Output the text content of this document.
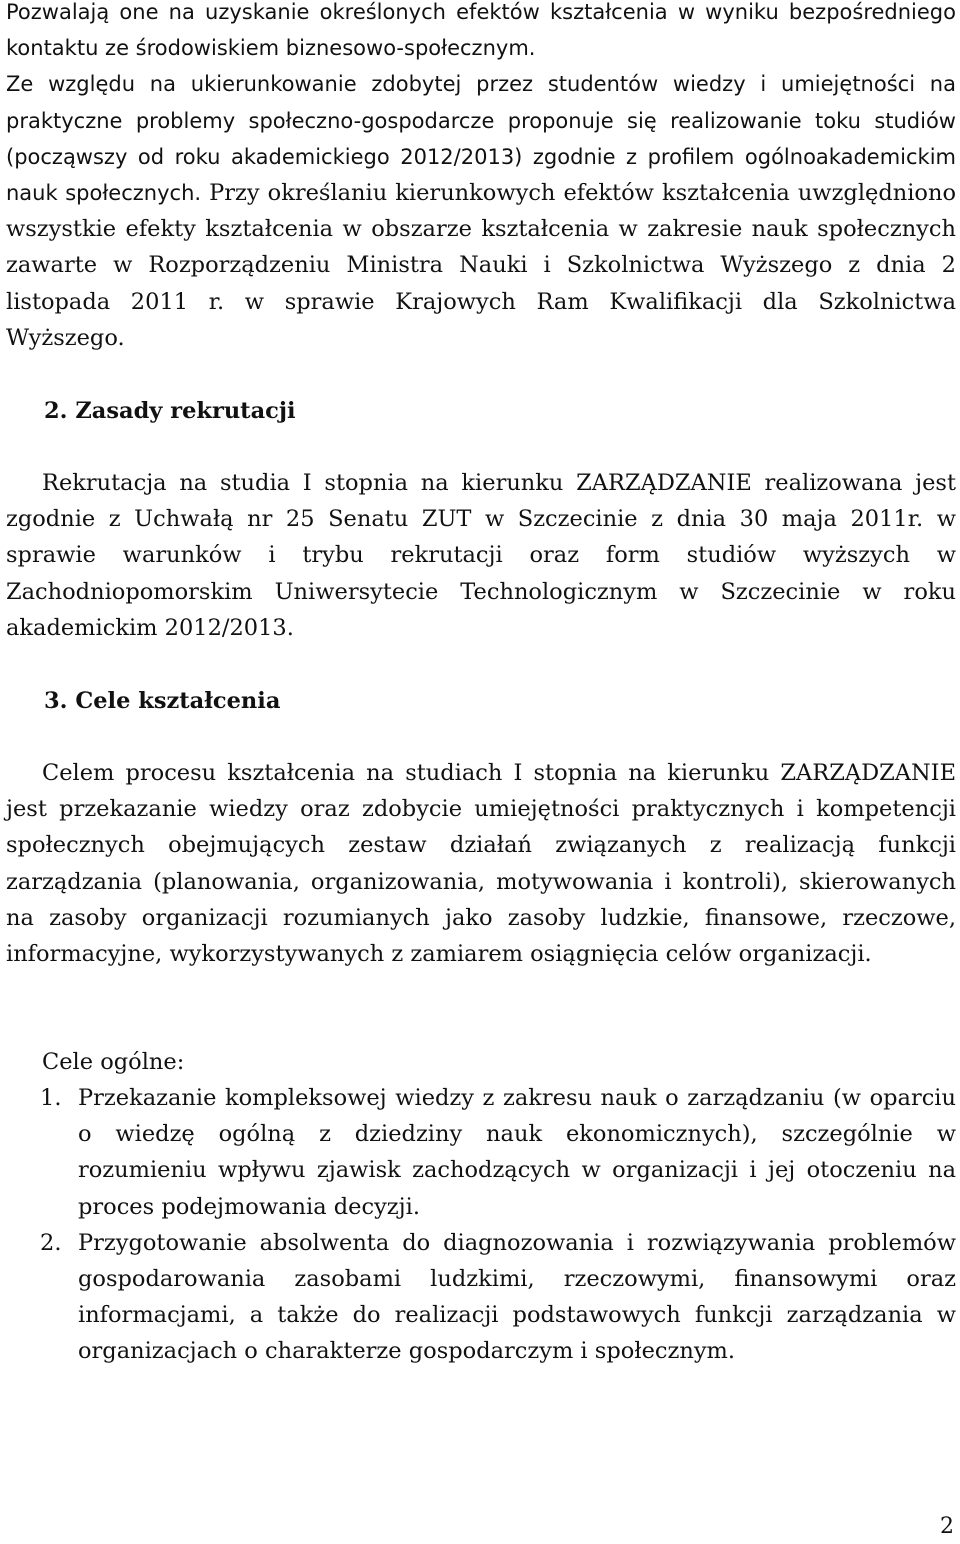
Pozwalają one na uzyskanie określonych efektów kształcenia w wyniku bezpośredniego kontaktu ze środowiskiem biznesowo-społecznym.
Ze względu na ukierunkowanie zdobytej przez studentów wiedzy i umiejętności na praktyczne problemy społeczno-gospodarcze proponuje się realizowanie toku studiów (począwszy od roku akademickiego 2012/2013) zgodnie z profilem ogólnoakademickim nauk społecznych. Przy określaniu kierunkowych efektów kształcenia uwzględniono wszystkie efekty kształcenia w obszarze kształcenia w zakresie nauk społecznych zawarte w Rozporządzeniu Ministra Nauki i Szkolnictwa Wyższego z dnia 2 listopada 2011 r. w sprawie Krajowych Ram Kwalifikacji dla Szkolnictwa Wyższego.
2. Zasady rekrutacji

Rekrutacja na studia I stopnia na kierunku ZARZĄDZANIE realizowana jest zgodnie z Uchwałą nr 25 Senatu ZUT w Szczecinie z dnia 30 maja 2011r. w sprawie warunków i trybu rekrutacji oraz form studiów wyższych w Zachodniopomorskim Uniwersytecie Technologicznym w Szczecinie w roku akademickim 2012/2013.

3. Cele kształcenia

Celem procesu kształcenia na studiach I stopnia na kierunku ZARZĄDZANIE jest przekazanie wiedzy oraz zdobycie umiejętności praktycznych i kompetencji społecznych obejmujących zestaw działań związanych z realizacją funkcji zarządzania (planowania, organizowania, motywowania i kontroli), skierowanych na zasoby organizacji rozumianych jako zasoby ludzkie, finansowe, rzeczowe, informacyjne, wykorzystywanych z zamiarem osiągnięcia celów organizacji.

Cele ogólne:

1. Przekazanie kompleksowej wiedzy z zakresu nauk o zarządzaniu (w oparciu o wiedzę ogólną z dziedziny nauk ekonomicznych), szczególnie w rozumieniu wpływu zjawisk zachodzących w organizacji i jej otoczeniu na proces podejmowania decyzji.
2. Przygotowanie absolwenta do diagnozowania i rozwiązywania problemów gospodarowania zasobami ludzkimi, rzeczowymi, finansowymi oraz informacjami, a także do realizacji podstawowych funkcji zarządzania w organizacjach o charakterze gospodarczym i społecznym.
2
